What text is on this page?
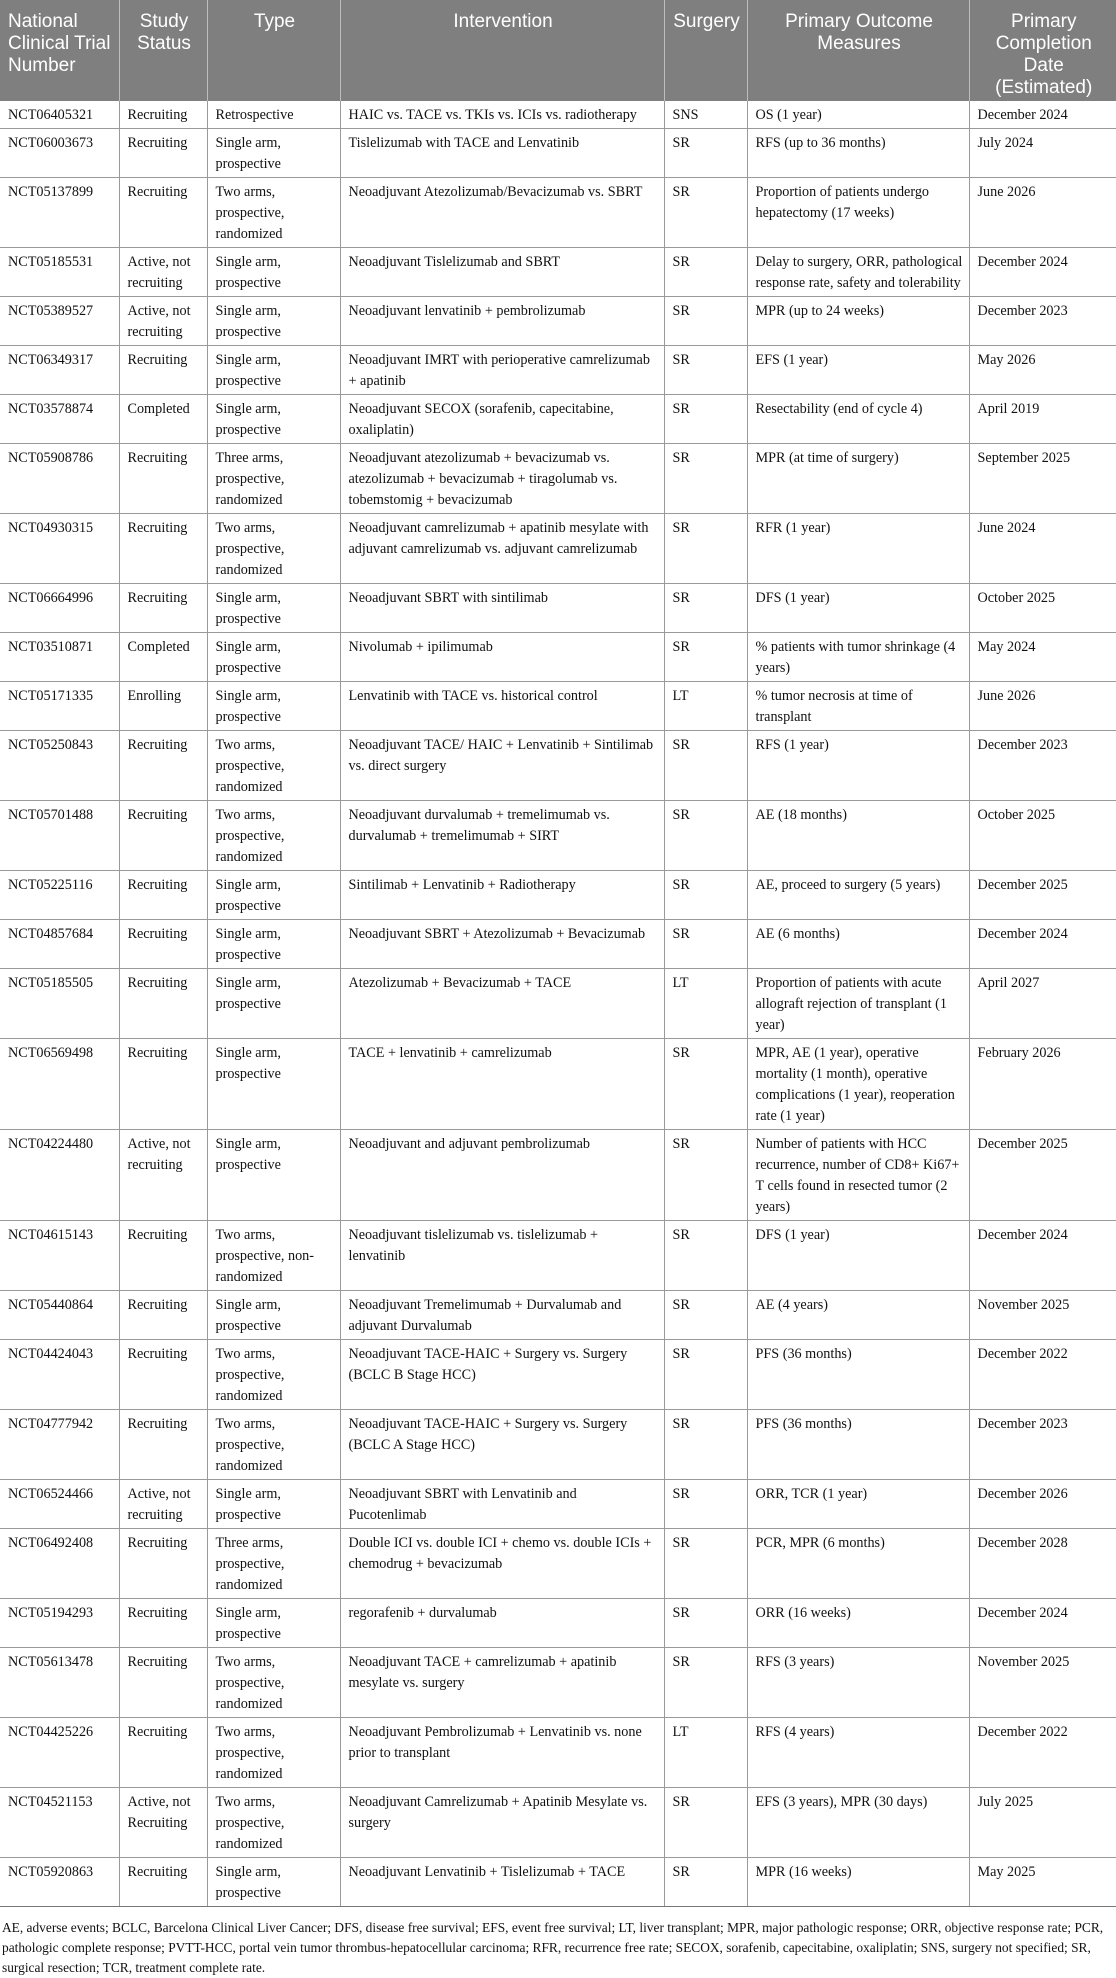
National Clinical Trial Number	Study Status	Type	Intervention	Surgery	Primary Outcome Measures	Primary Completion Date (Estimated)
NCT06405321	Recruiting	Retrospective	HAIC vs. TACE vs. TKIs vs. ICIs vs. radiotherapy	SNS	OS (1 year)	December 2024
NCT06003673	Recruiting	Single arm, prospective	Tislelizumab with TACE and Lenvatinib	SR	RFS (up to 36 months)	July 2024
NCT05137899	Recruiting	Two arms, prospective, randomized	Neoadjuvant Atezolizumab/Bevacizumab vs. SBRT	SR	Proportion of patients undergo hepatectomy (17 weeks)	June 2026
NCT05185531	Active, not recruiting	Single arm, prospective	Neoadjuvant Tislelizumab and SBRT	SR	Delay to surgery, ORR, pathological response rate, safety and tolerability	December 2024
NCT05389527	Active, not recruiting	Single arm, prospective	Neoadjuvant lenvatinib + pembrolizumab	SR	MPR (up to 24 weeks)	December 2023
NCT06349317	Recruiting	Single arm, prospective	Neoadjuvant IMRT with perioperative camrelizumab + apatinib	SR	EFS (1 year)	May 2026
NCT03578874	Completed	Single arm, prospective	Neoadjuvant SECOX (sorafenib, capecitabine, oxaliplatin)	SR	Resectability (end of cycle 4)	April 2019
NCT05908786	Recruiting	Three arms, prospective, randomized	Neoadjuvant atezolizumab + bevacizumab vs. atezolizumab + bevacizumab + tiragolumab vs. tobemstomig + bevacizumab	SR	MPR (at time of surgery)	September 2025
NCT04930315	Recruiting	Two arms, prospective, randomized	Neoadjuvant camrelizumab + apatinib mesylate with adjuvant camrelizumab vs. adjuvant camrelizumab	SR	RFR (1 year)	June 2024
NCT06664996	Recruiting	Single arm, prospective	Neoadjuvant SBRT with sintilimab	SR	DFS (1 year)	October 2025
NCT03510871	Completed	Single arm, prospective	Nivolumab + ipilimumab	SR	% patients with tumor shrinkage (4 years)	May 2024
NCT05171335	Enrolling	Single arm, prospective	Lenvatinib with TACE vs. historical control	LT	% tumor necrosis at time of transplant	June 2026
NCT05250843	Recruiting	Two arms, prospective, randomized	Neoadjuvant TACE/ HAIC + Lenvatinib + Sintilimab vs. direct surgery	SR	RFS (1 year)	December 2023
NCT05701488	Recruiting	Two arms, prospective, randomized	Neoadjuvant durvalumab + tremelimumab vs. durvalumab + tremelimumab + SIRT	SR	AE (18 months)	October 2025
NCT05225116	Recruiting	Single arm, prospective	Sintilimab + Lenvatinib + Radiotherapy	SR	AE, proceed to surgery (5 years)	December 2025
NCT04857684	Recruiting	Single arm, prospective	Neoadjuvant SBRT + Atezolizumab + Bevacizumab	SR	AE (6 months)	December 2024
NCT05185505	Recruiting	Single arm, prospective	Atezolizumab + Bevacizumab + TACE	LT	Proportion of patients with acute allograft rejection of transplant (1 year)	April 2027
NCT06569498	Recruiting	Single arm, prospective	TACE + lenvatinib + camrelizumab	SR	MPR, AE (1 year), operative mortality (1 month), operative complications (1 year), reoperation rate (1 year)	February 2026
NCT04224480	Active, not recruiting	Single arm, prospective	Neoadjuvant and adjuvant pembrolizumab	SR	Number of patients with HCC recurrence, number of CD8+ Ki67+ T cells found in resected tumor (2 years)	December 2025
NCT04615143	Recruiting	Two arms, prospective, non-randomized	Neoadjuvant tislelizumab vs. tislelizumab + lenvatinib	SR	DFS (1 year)	December 2024
NCT05440864	Recruiting	Single arm, prospective	Neoadjuvant Tremelimumab + Durvalumab and adjuvant Durvalumab	SR	AE (4 years)	November 2025
NCT04424043	Recruiting	Two arms, prospective, randomized	Neoadjuvant TACE-HAIC + Surgery vs. Surgery (BCLC B Stage HCC)	SR	PFS (36 months)	December 2022
NCT04777942	Recruiting	Two arms, prospective, randomized	Neoadjuvant TACE-HAIC + Surgery vs. Surgery (BCLC A Stage HCC)	SR	PFS (36 months)	December 2023
NCT06524466	Active, not recruiting	Single arm, prospective	Neoadjuvant SBRT with Lenvatinib and Pucotenlimab	SR	ORR, TCR (1 year)	December 2026
NCT06492408	Recruiting	Three arms, prospective, randomized	Double ICI vs. double ICI + chemo vs. double ICIs + chemodrug + bevacizumab	SR	PCR, MPR (6 months)	December 2028
NCT05194293	Recruiting	Single arm, prospective	regorafenib + durvalumab	SR	ORR (16 weeks)	December 2024
NCT05613478	Recruiting	Two arms, prospective, randomized	Neoadjuvant TACE + camrelizumab + apatinib mesylate vs. surgery	SR	RFS (3 years)	November 2025
NCT04425226	Recruiting	Two arms, prospective, randomized	Neoadjuvant Pembrolizumab + Lenvatinib vs. none prior to transplant	LT	RFS (4 years)	December 2022
NCT04521153	Active, not Recruiting	Two arms, prospective, randomized	Neoadjuvant Camrelizumab + Apatinib Mesylate vs. surgery	SR	EFS (3 years), MPR (30 days)	July 2025
NCT05920863	Recruiting	Single arm, prospective	Neoadjuvant Lenvatinib + Tislelizumab + TACE	SR	MPR (16 weeks)	May 2025
AE, adverse events; BCLC, Barcelona Clinical Liver Cancer; DFS, disease free survival; EFS, event free survival; LT, liver transplant; MPR, major pathologic response; ORR, objective response rate; PCR, pathologic complete response; PVTT-HCC, portal vein tumor thrombus-hepatocellular carcinoma; RFR, recurrence free rate; SECOX, sorafenib, capecitabine, oxaliplatin; SNS, surgery not specified; SR, surgical resection; TCR, treatment complete rate.
